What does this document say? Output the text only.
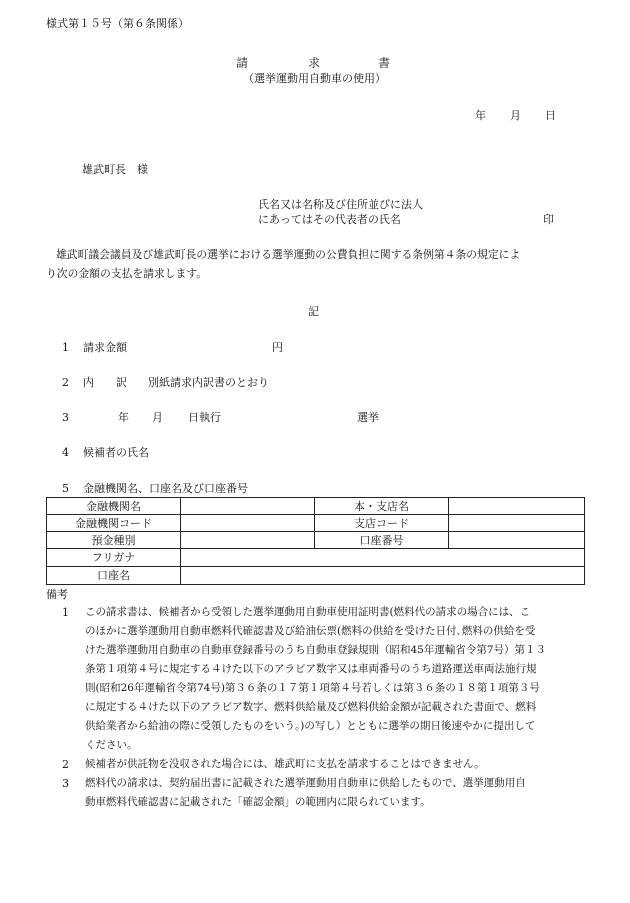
様式第１５号（第６条関係）
請	求	書
（選挙運動用自動車の使用）
年 月 日
雄武町長　様
氏名又は名称及び住所並びに法人
にあってはその代表者の氏名	印
雄武町議会議員及び雄武町長の選挙における選挙運動の公費負担に関する条例第４条の規定によ
り次の金額の支払を請求します。
記
1 請求金額	円
2 内　　訳 別紙請求内訳書のとおり
3	年 月 日執行	選挙
4 候補者の氏名
5 金融機関名、口座名及び口座番号
金融機関名		本・支店名	
金融機関コード		支店コード	
預金種別		口座番号	
フリガナ			
口座名			
備考
1 この請求書は、候補者から受領した選挙運動用自動車使用証明書(燃料代の請求の場合には、こ
のほかに選挙運動用自動車燃料代確認書及び給油伝票(燃料の供給を受けた日付､燃料の供給を受
けた選挙運動用自動車の自動車登録番号のうち自動車登録規則（昭和45年運輸省令第7号）第１３
条第１項第４号に規定する４けた以下のアラビア数字又は車両番号のうち道路運送車両法施行規
則(昭和26年運輸省令第74号)第３６条の１７第１項第４号若しくは第３６条の１８第１項第３号
に規定する４けた以下のアラビア数字、燃料供給量及び燃料供給金額が記載された書面で、燃料
供給業者から給油の際に受領したものをいう。)の写し）とともに選挙の期日後速やかに提出して
ください。
2 候補者が供託物を没収された場合には、雄武町に支払を請求することはできません。
3 燃料代の請求は、契約届出書に記載された選挙運動用自動車に供給したもので、選挙運動用自
動車燃料代確認書に記載された「確認金額」の範囲内に限られています。
